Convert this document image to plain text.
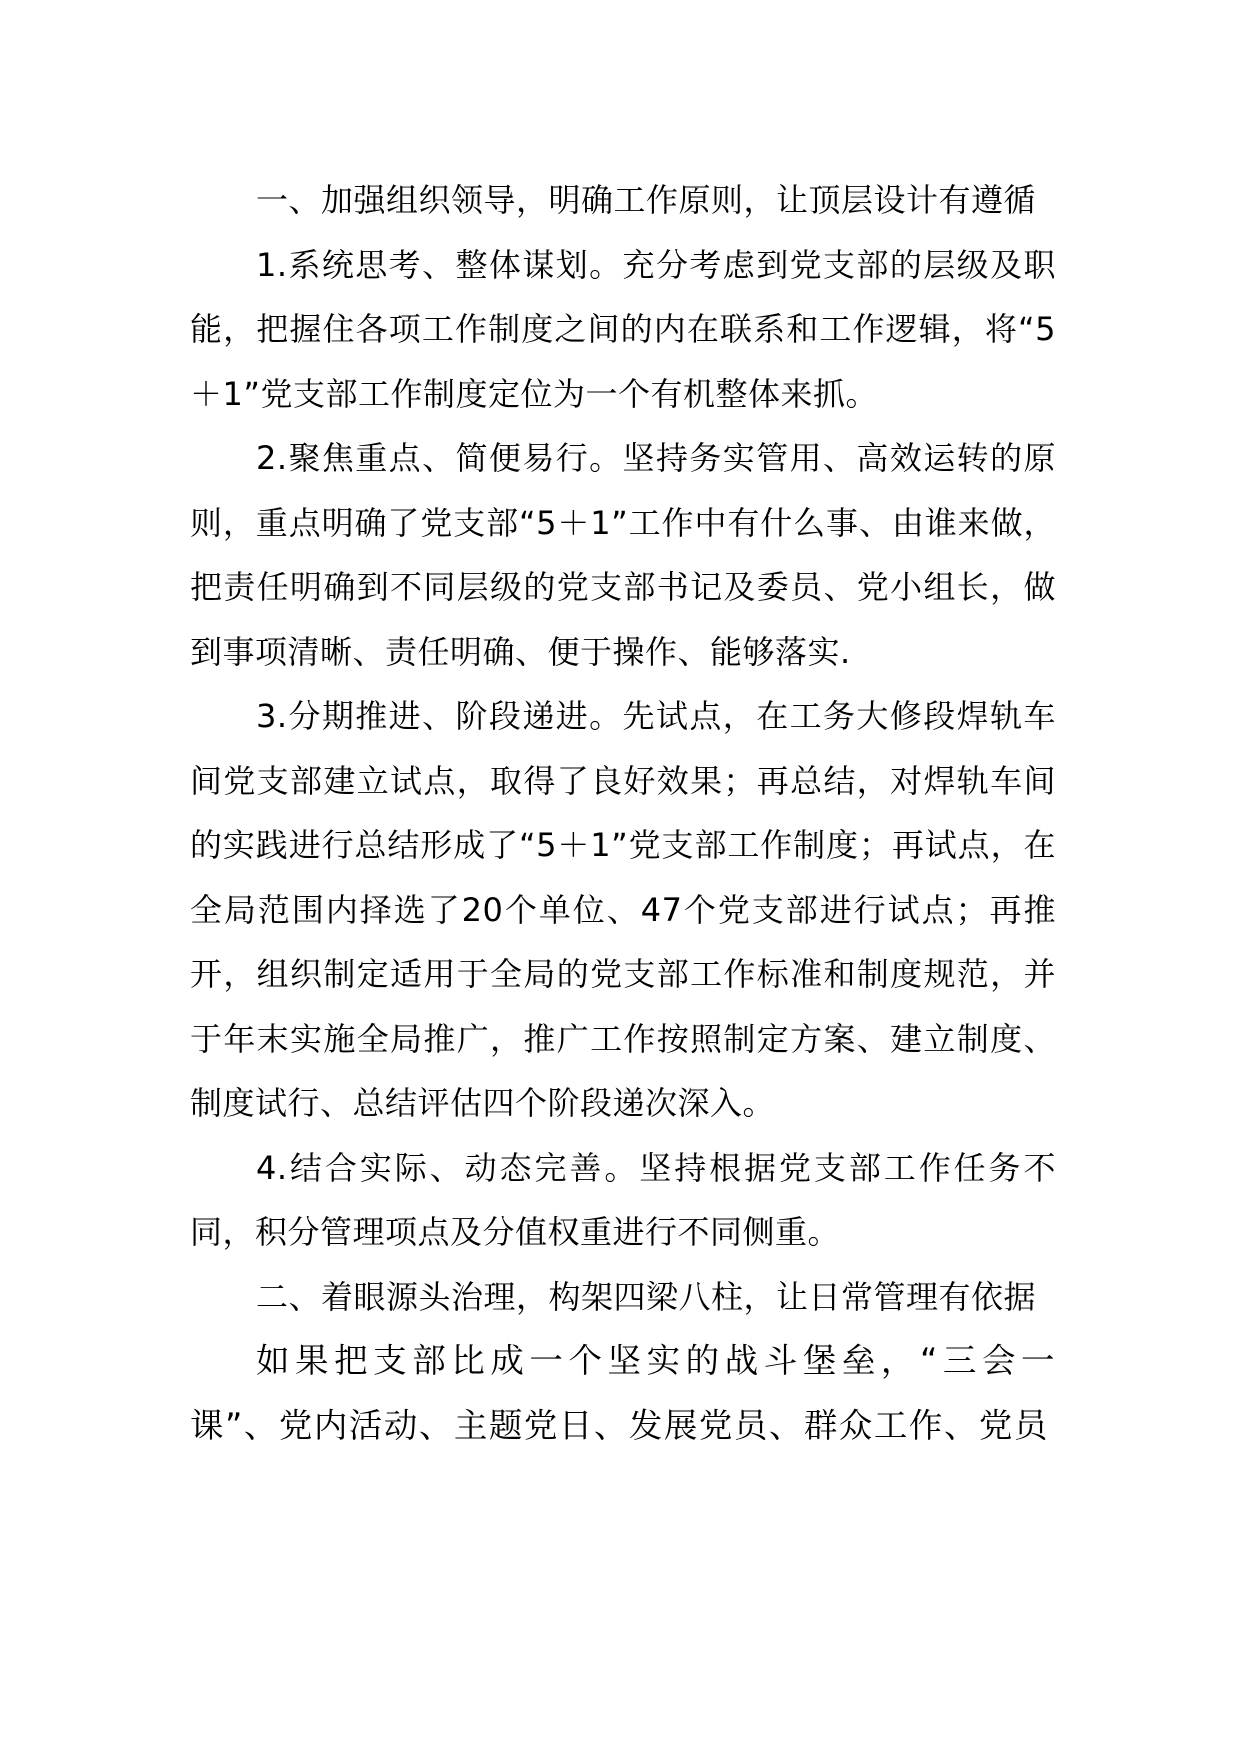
一、加强组织领导，明确工作原则，让顶层设计有遵循

1.系统思考、整体谋划。充分考虑到党支部的层级及职能，把握住各项工作制度之间的内在联系和工作逻辑，将“5＋1”党支部工作制度定位为一个有机整体来抓。

2.聚焦重点、简便易行。坚持务实管用、高效运转的原则，重点明确了党支部“5＋1”工作中有什么事、由谁来做，把责任明确到不同层级的党支部书记及委员、党小组长，做到事项清晰、责任明确、便于操作、能够落实.

3.分期推进、阶段递进。先试点，在工务大修段焊轨车间党支部建立试点，取得了良好效果；再总结，对焊轨车间的实践进行总结形成了“5＋1”党支部工作制度；再试点，在全局范围内择选了20个单位、47个党支部进行试点；再推开，组织制定适用于全局的党支部工作标准和制度规范，并于年末实施全局推广，推广工作按照制定方案、建立制度、制度试行、总结评估四个阶段递次深入。

4.结合实际、动态完善。坚持根据党支部工作任务不同，积分管理项点及分值权重进行不同侧重。

二、着眼源头治理，构架四梁八柱，让日常管理有依据

如果把支部比成一个坚实的战斗堡垒，“三会一课”、党内活动、主题党日、发展党员、群众工作、党员
